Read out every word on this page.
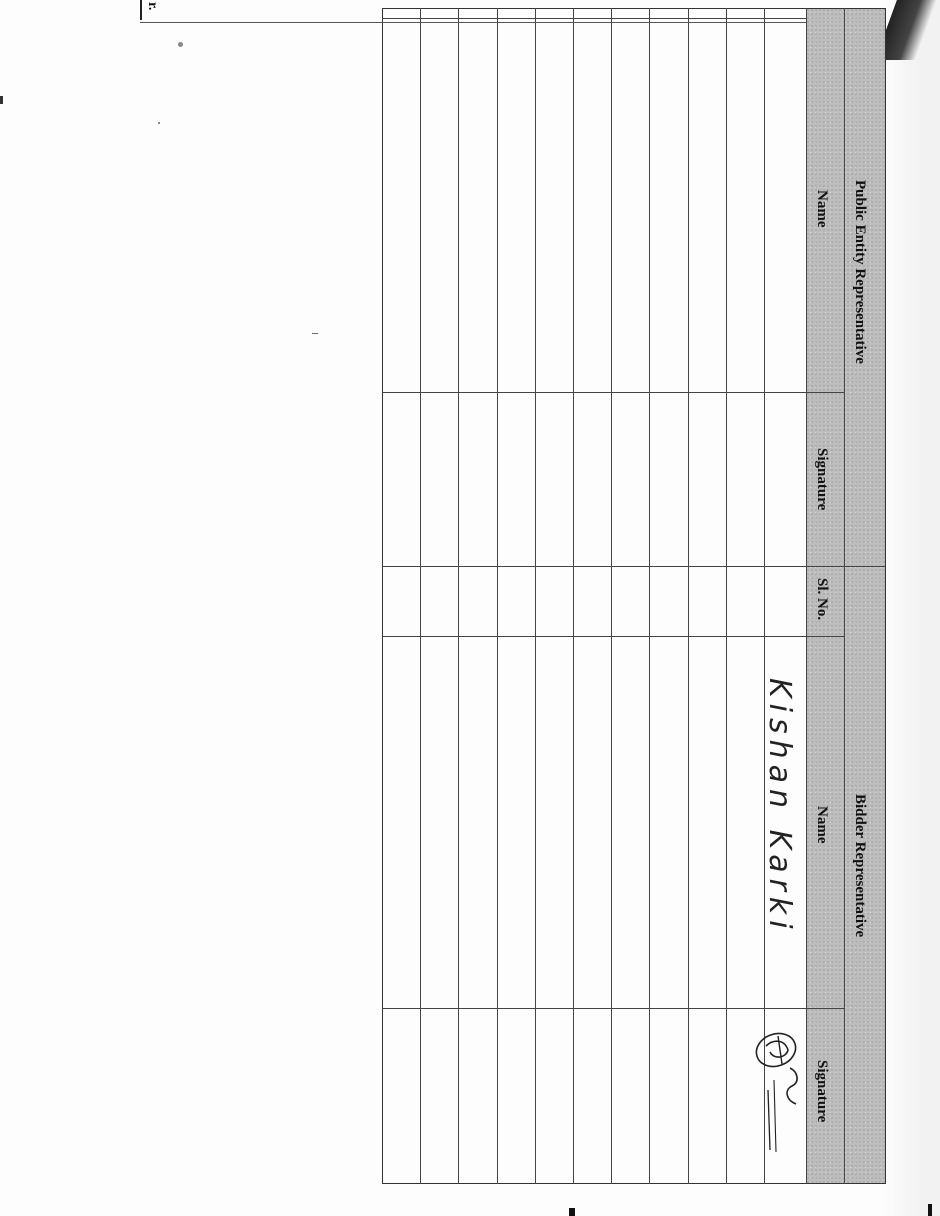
r.
Public Entity Representative
Name
Signature
Sl. No.
Bidder Representative
Name
Signature
Kishan Karki
